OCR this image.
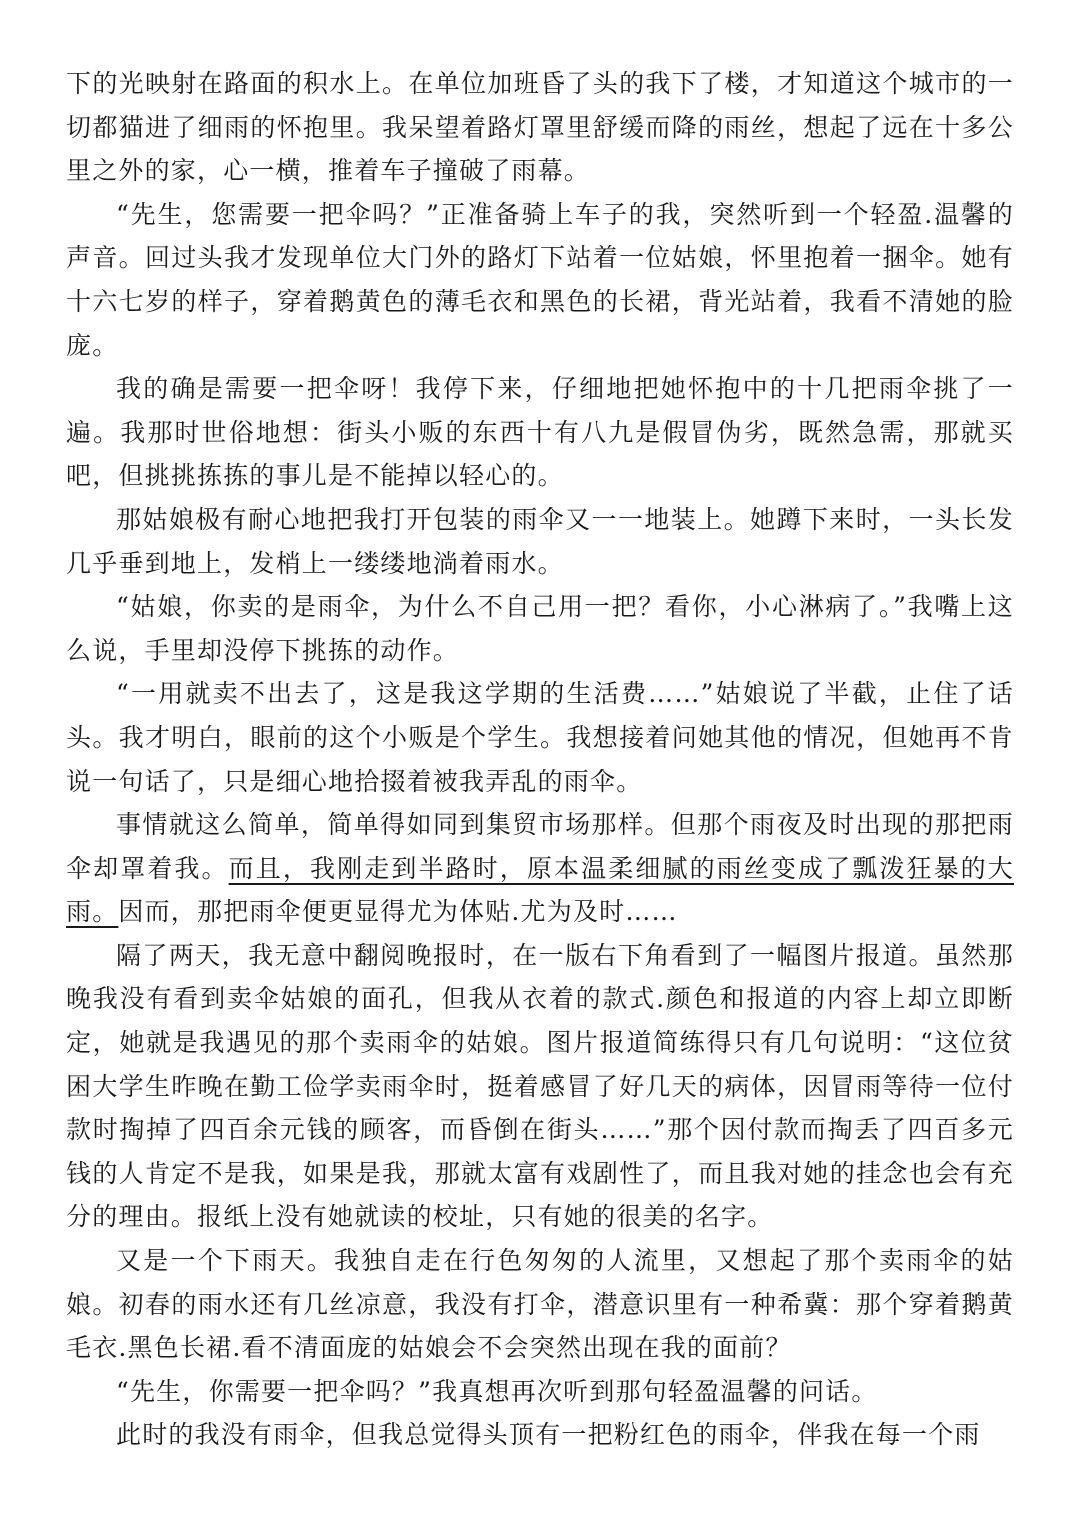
下的光映射在路面的积水上。在单位加班昏了头的我下了楼，才知道这个城市的一切都猫进了细雨的怀抱里。我呆望着路灯罩里舒缓而降的雨丝，想起了远在十多公里之外的家，心一横，推着车子撞破了雨幕。

“先生，您需要一把伞吗？”正准备骑上车子的我，突然听到一个轻盈.温馨的声音。回过头我才发现单位大门外的路灯下站着一位姑娘，怀里抱着一捆伞。她有十六七岁的样子，穿着鹅黄色的薄毛衣和黑色的长裙，背光站着，我看不清她的脸庞。

我的确是需要一把伞呀！我停下来，仔细地把她怀抱中的十几把雨伞挑了一遍。我那时世俗地想：街头小贩的东西十有八九是假冒伪劣，既然急需，那就买吧，但挑挑拣拣的事儿是不能掉以轻心的。

那姑娘极有耐心地把我打开包装的雨伞又一一地装上。她蹲下来时，一头长发几乎垂到地上，发梢上一缕缕地淌着雨水。

“姑娘，你卖的是雨伞，为什么不自己用一把？看你，小心淋病了。”我嘴上这么说，手里却没停下挑拣的动作。

“一用就卖不出去了，这是我这学期的生活费……”姑娘说了半截，止住了话头。我才明白，眼前的这个小贩是个学生。我想接着问她其他的情况，但她再不肯说一句话了，只是细心地拾掇着被我弄乱的雨伞。

事情就这么简单，简单得如同到集贸市场那样。但那个雨夜及时出现的那把雨伞却罩着我。而且，我刚走到半路时，原本温柔细腻的雨丝变成了瓢泼狂暴的大雨。因而，那把雨伞便更显得尤为体贴.尤为及时……

隔了两天，我无意中翻阅晚报时，在一版右下角看到了一幅图片报道。虽然那晚我没有看到卖伞姑娘的面孔，但我从衣着的款式.颜色和报道的内容上却立即断定，她就是我遇见的那个卖雨伞的姑娘。图片报道简练得只有几句说明：“这位贫困大学生昨晚在勤工俭学卖雨伞时，挺着感冒了好几天的病体，因冒雨等待一位付款时掏掉了四百余元钱的顾客，而昏倒在街头……”那个因付款而掏丢了四百多元钱的人肯定不是我，如果是我，那就太富有戏剧性了，而且我对她的挂念也会有充分的理由。报纸上没有她就读的校址，只有她的很美的名字。

又是一个下雨天。我独自走在行色匆匆的人流里，又想起了那个卖雨伞的姑娘。初春的雨水还有几丝凉意，我没有打伞，潜意识里有一种希冀：那个穿着鹅黄毛衣.黑色长裙.看不清面庞的姑娘会不会突然出现在我的面前？

“先生，你需要一把伞吗？”我真想再次听到那句轻盈温馨的问话。

此时的我没有雨伞，但我总觉得头顶有一把粉红色的雨伞，伴我在每一个雨
